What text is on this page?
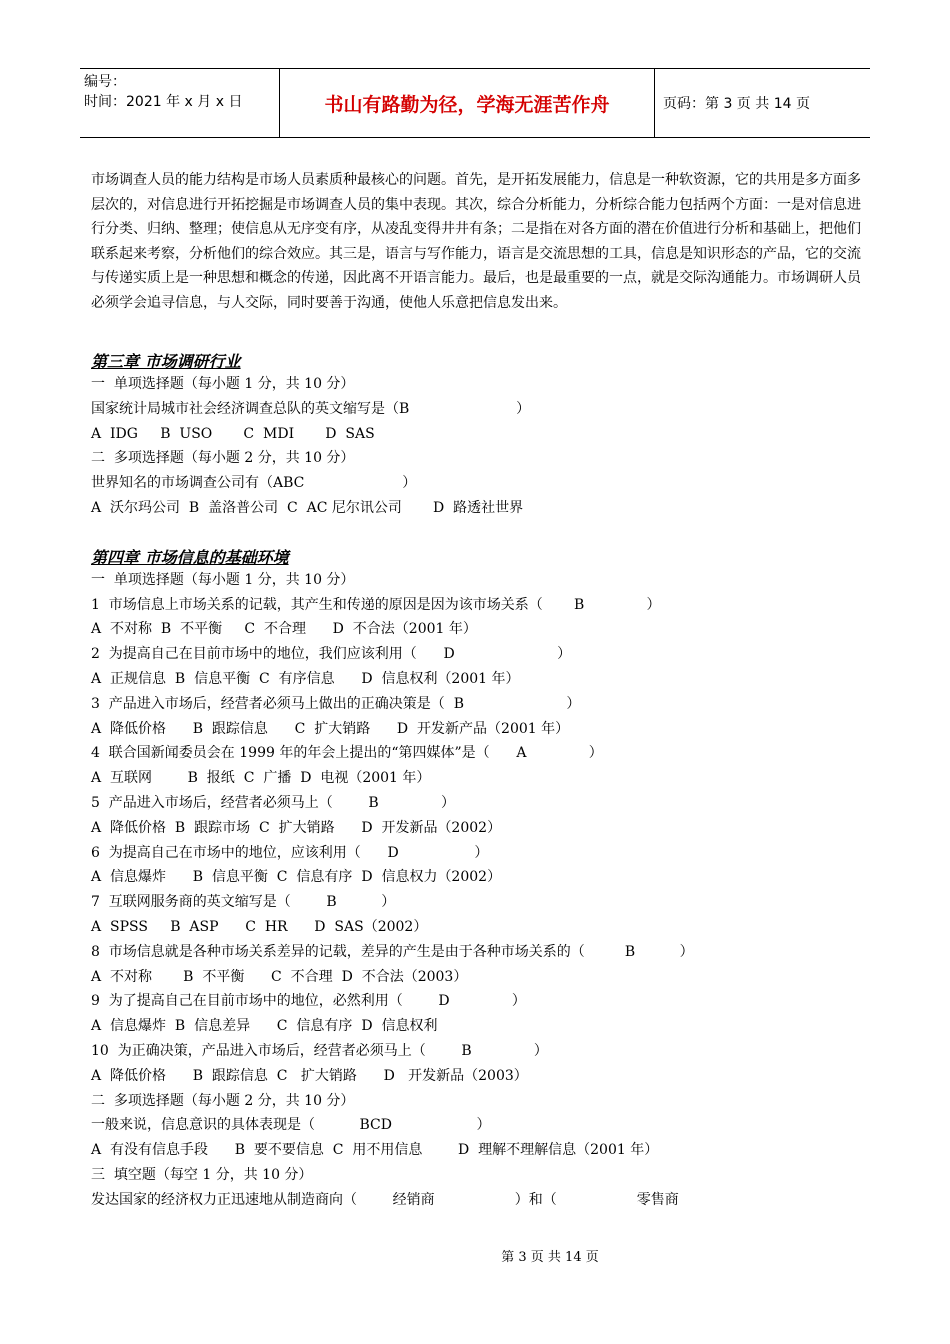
编号：
时间：2021 年 x 月 x 日	书山有路勤为径，学海无涯苦作舟	页码：第 3 页 共 14 页

市场调查人员的能力结构是市场人员素质种最核心的问题。首先，是开拓发展能力，信息是一种软资源，它的共用是多方面多层次的，对信息进行开拓挖掘是市场调查人员的集中表现。其次，综合分析能力，分析综合能力包括两个方面：一是对信息进行分类、归纳、整理；使信息从无序变有序，从凌乱变得井井有条；二是指在对各方面的潜在价值进行分析和基础上，把他们联系起来考察，分析他们的综合效应。其三是，语言与写作能力，语言是交流思想的工具，信息是知识形态的产品，它的交流与传递实质上是一种思想和概念的传递，因此离不开语言能力。最后，也是最重要的一点，就是交际沟通能力。市场调研人员必须学会追寻信息，与人交际，同时要善于沟通，使他人乐意把信息发出来。

第三章 市场调研行业

一  单项选择题（每小题 1 分，共 10 分）

国家统计局城市社会经济调查总队的英文缩写是（B                        ）

A  IDG     B  USO       C  MDI       D  SAS

二  多项选择题（每小题 2 分，共 10 分）

世界知名的市场调查公司有（ABC                      ）

A  沃尔玛公司  B  盖洛普公司  C  AC 尼尔讯公司       D  路透社世界

第四章 市场信息的基础环境

一  单项选择题（每小题 1 分，共 10 分）

1  市场信息上市场关系的记载，其产生和传递的原因是因为该市场关系（       B              ）

A  不对称  B  不平衡     C  不合理      D  不合法（2001 年）

2  为提高自己在目前市场中的地位，我们应该利用（      D                       ）

A  正规信息  B  信息平衡  C  有序信息      D  信息权利（2001 年）

3  产品进入市场后，经营者必须马上做出的正确决策是（  B                       ）

A  降低价格      B  跟踪信息      C  扩大销路      D  开发新产品（2001 年）

4  联合国新闻委员会在 1999 年的年会上提出的“第四媒体”是（      A              ）

A  互联网        B  报纸  C  广播  D  电视（2001 年）

5  产品进入市场后，经营者必须马上（        B              ）

A  降低价格  B  跟踪市场  C  扩大销路      D  开发新品（2002）

6  为提高自己在市场中的地位，应该利用（      D                 ）

A  信息爆炸      B  信息平衡  C  信息有序  D  信息权力（2002）

7  互联网服务商的英文缩写是（        B          ）

A  SPSS     B  ASP      C  HR      D  SAS（2002）

8  市场信息就是各种市场关系差异的记载，差异的产生是由于各种市场关系的（         B          ）

A  不对称       B  不平衡      C  不合理  D  不合法（2003）

9  为了提高自己在目前市场中的地位，必然利用（        D              ）

A  信息爆炸  B  信息差异      C  信息有序  D  信息权利

10  为正确决策，产品进入市场后，经营者必须马上（        B              ）

A  降低价格      B  跟踪信息  C   扩大销路      D   开发新品（2003）

二  多项选择题（每小题 2 分，共 10 分）

一般来说，信息意识的具体表现是（          BCD                   ）

A  有没有信息手段      B  要不要信息  C  用不用信息        D  理解不理解信息（2001 年）

三  填空题（每空 1 分，共 10 分）

发达国家的经济权力正迅速地从制造商向（        经销商                  ）和（                  零售商

第 3 页 共 14 页
